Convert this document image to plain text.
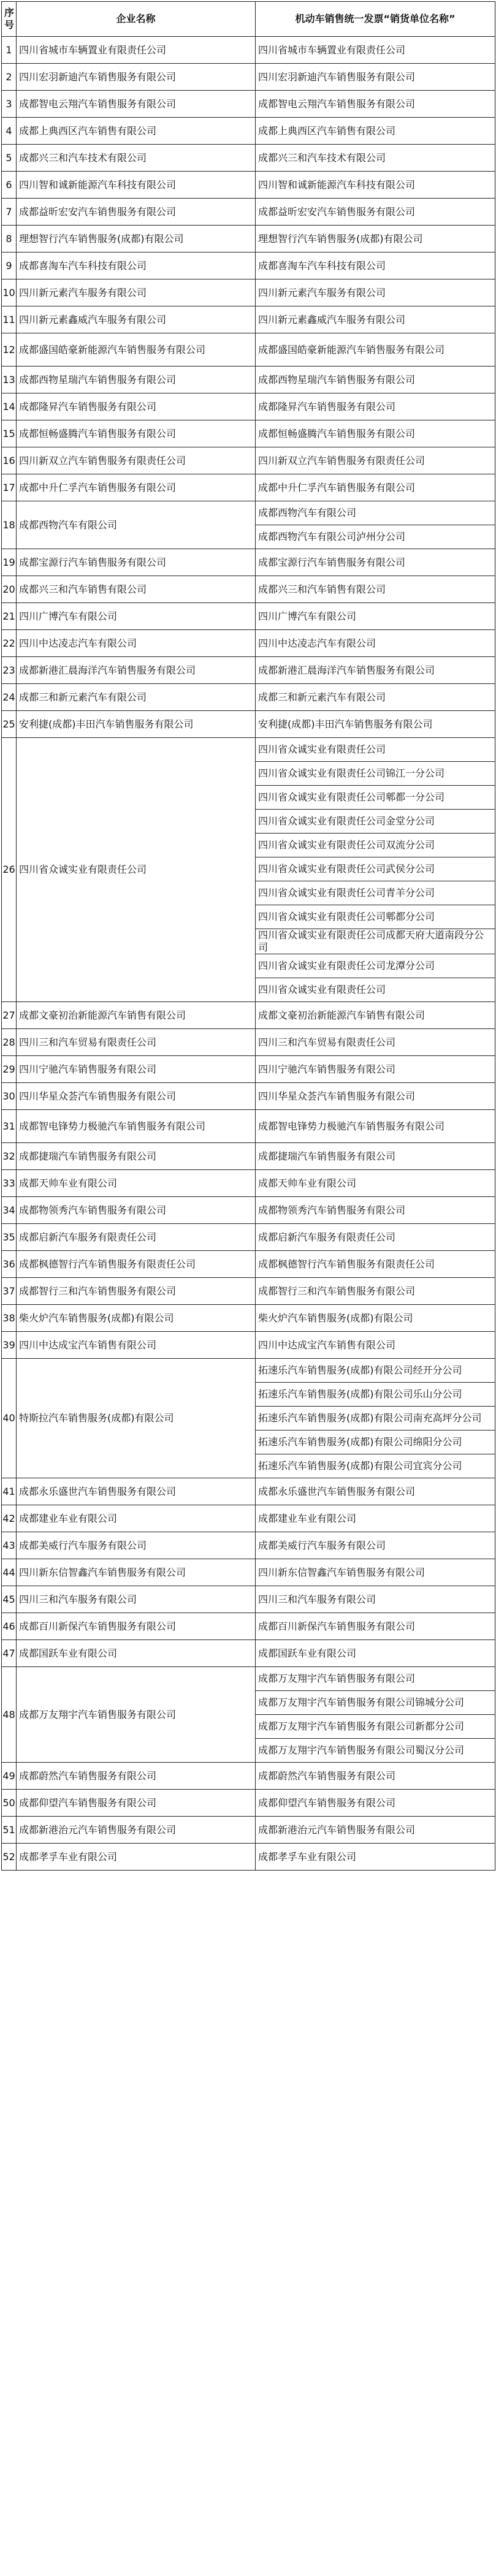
序号	企业名称	机动车销售统一发票“销货单位名称”
1	四川省城市车辆置业有限责任公司	四川省城市车辆置业有限责任公司
2	四川宏羽新迪汽车销售服务有限公司	四川宏羽新迪汽车销售服务有限公司
3	成都智电云翔汽车销售服务有限公司	成都智电云翔汽车销售服务有限公司
4	成都上典西区汽车销售有限公司	成都上典西区汽车销售有限公司
5	成都兴三和汽车技术有限公司	成都兴三和汽车技术有限公司
6	四川智和诚新能源汽车科技有限公司	四川智和诚新能源汽车科技有限公司
7	成都益昕宏安汽车销售服务有限公司	成都益昕宏安汽车销售服务有限公司
8	理想智行汽车销售服务(成都)有限公司	理想智行汽车销售服务(成都)有限公司
9	成都喜淘车汽车科技有限公司	成都喜淘车汽车科技有限公司
10	四川新元素汽车服务有限公司	四川新元素汽车服务有限公司
11	四川新元素鑫威汽车服务有限公司	四川新元素鑫威汽车服务有限公司
12	成都盛国皓豪新能源汽车销售服务有限公司	成都盛国皓豪新能源汽车销售服务有限公司
13	成都西物星瑞汽车销售服务有限公司	成都西物星瑞汽车销售服务有限公司
14	成都隆昇汽车销售服务有限公司	成都隆昇汽车销售服务有限公司
15	成都恒畅盛腾汽车销售服务有限公司	成都恒畅盛腾汽车销售服务有限公司
16	四川新双立汽车销售服务有限责任公司	四川新双立汽车销售服务有限责任公司
17	成都中升仁孚汽车销售服务有限公司	成都中升仁孚汽车销售服务有限公司
18	成都西物汽车有限公司	成都西物汽车有限公司
		成都西物汽车有限公司泸州分公司
19	成都宝源行汽车销售服务有限公司	成都宝源行汽车销售服务有限公司
20	成都兴三和汽车销售有限公司	成都兴三和汽车销售有限公司
21	四川广博汽车有限公司	四川广博汽车有限公司
22	四川中达凌志汽车有限公司	四川中达凌志汽车有限公司
23	成都新港汇晨海洋汽车销售服务有限公司	成都新港汇晨海洋汽车销售服务有限公司
24	成都三和新元素汽车有限公司	成都三和新元素汽车有限公司
25	安利捷(成都)丰田汽车销售服务有限公司	安利捷(成都)丰田汽车销售服务有限公司
26	四川省众诚实业有限责任公司	四川省众诚实业有限责任公司
		四川省众诚实业有限责任公司锦江一分公司
		四川省众诚实业有限责任公司郫都一分公司
		四川省众诚实业有限责任公司金堂分公司
		四川省众诚实业有限责任公司双流分公司
		四川省众诚实业有限责任公司武侯分公司
		四川省众诚实业有限责任公司青羊分公司
		四川省众诚实业有限责任公司郫都分公司
		四川省众诚实业有限责任公司成都天府大道南段分公司
		四川省众诚实业有限责任公司龙潭分公司
		四川省众诚实业有限责任公司
27	成都文豪初治新能源汽车销售有限公司	成都文豪初治新能源汽车销售有限公司
28	四川三和汽车贸易有限责任公司	四川三和汽车贸易有限责任公司
29	四川宁驰汽车销售服务有限公司	四川宁驰汽车销售服务有限公司
30	四川华星众荟汽车销售服务有限公司	四川华星众荟汽车销售服务有限公司
31	成都智电锋势力极驰汽车销售服务有限公司	成都智电锋势力极驰汽车销售服务有限公司
32	成都捷瑞汽车销售服务有限公司	成都捷瑞汽车销售服务有限公司
33	成都天帅车业有限公司	成都天帅车业有限公司
34	成都物领秀汽车销售服务有限公司	成都物领秀汽车销售服务有限公司
35	成都启新汽车服务有限责任公司	成都启新汽车服务有限责任公司
36	成都枫德智行汽车销售服务有限责任公司	成都枫德智行汽车销售服务有限责任公司
37	成都智行三和汽车销售服务有限公司	成都智行三和汽车销售服务有限公司
38	柴火炉汽车销售服务(成都)有限公司	柴火炉汽车销售服务(成都)有限公司
39	四川中达成宝汽车销售有限公司	四川中达成宝汽车销售有限公司
40	特斯拉汽车销售服务(成都)有限公司	拓速乐汽车销售服务(成都)有限公司经开分公司
		拓速乐汽车销售服务(成都)有限公司乐山分公司
		拓速乐汽车销售服务(成都)有限公司南充高坪分公司
		拓速乐汽车销售服务(成都)有限公司绵阳分公司
		拓速乐汽车销售服务(成都)有限公司宜宾分公司
41	成都永乐盛世汽车销售服务有限公司	成都永乐盛世汽车销售服务有限公司
42	成都建业车业有限公司	成都建业车业有限公司
43	成都美威行汽车服务有限公司	成都美威行汽车服务有限公司
44	四川新东信智鑫汽车销售服务有限公司	四川新东信智鑫汽车销售服务有限公司
45	四川三和汽车服务有限公司	四川三和汽车服务有限公司
46	成都百川新保汽车销售服务有限公司	成都百川新保汽车销售服务有限公司
47	成都国跃车业有限公司	成都国跃车业有限公司
48	成都万友翔宇汽车销售服务有限公司	成都万友翔宇汽车销售服务有限公司
		成都万友翔宇汽车销售服务有限公司锦城分公司
		成都万友翔宇汽车销售服务有限公司新都分公司
		成都万友翔宇汽车销售服务有限公司蜀汉分公司
49	成都蔚然汽车销售服务有限公司	成都蔚然汽车销售服务有限公司
50	成都仰望汽车销售服务有限公司	成都仰望汽车销售服务有限公司
51	成都新港治元汽车销售服务有限公司	成都新港治元汽车销售服务有限公司
52	成都孝孚车业有限公司	成都孝孚车业有限公司
